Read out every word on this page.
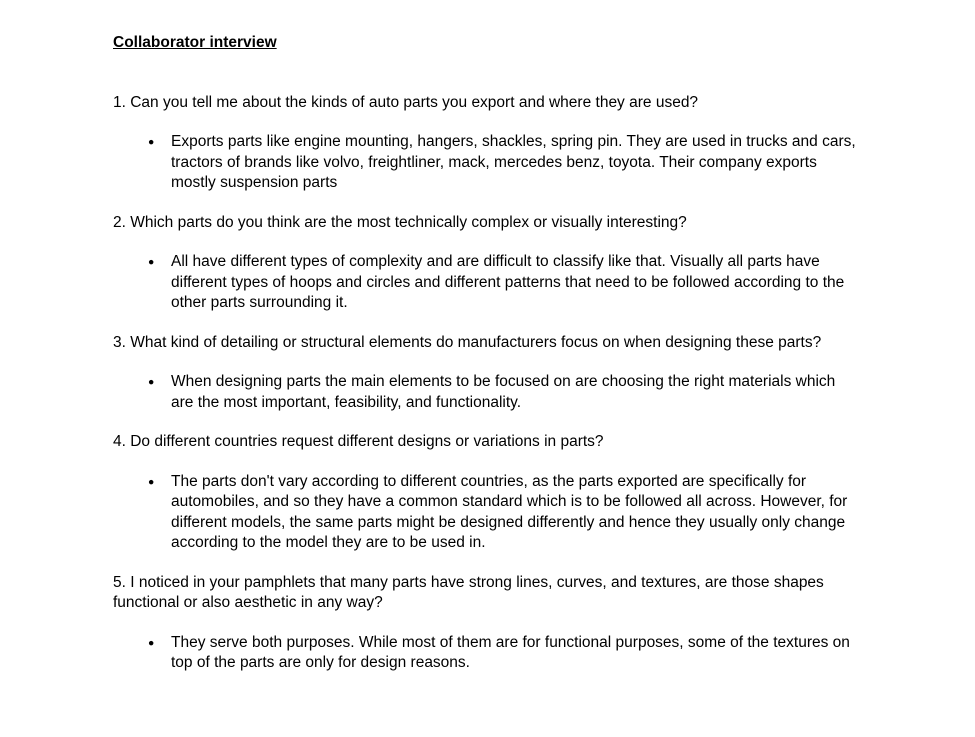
Collaborator interview

1. Can you tell me about the kinds of auto parts you export and where they are used?

●	Exports parts like engine mounting, hangers, shackles, spring pin. They are used in trucks and cars, tractors of brands like volvo, freightliner, mack, mercedes benz, toyota. Their company exports mostly suspension parts

2. Which parts do you think are the most technically complex or visually interesting?

●	All have different types of complexity and are difficult to classify like that. Visually all parts have different types of hoops and circles and different patterns that need to be followed according to the other parts surrounding it.

3. What kind of detailing or structural elements do manufacturers focus on when designing these parts?

●	When designing parts the main elements to be focused on are choosing the right materials which are the most important, feasibility, and functionality.

4. Do different countries request different designs or variations in parts?

●	The parts don't vary according to different countries, as the parts exported are specifically for automobiles, and so they have a common standard which is to be followed all across. However, for different models, the same parts might be designed differently and hence they usually only change according to the model they are to be used in.

5. I noticed in your pamphlets that many parts have strong lines, curves, and textures, are those shapes functional or also aesthetic in any way?

●	They serve both purposes. While most of them are for functional purposes, some of the textures on top of the parts are only for design reasons.
